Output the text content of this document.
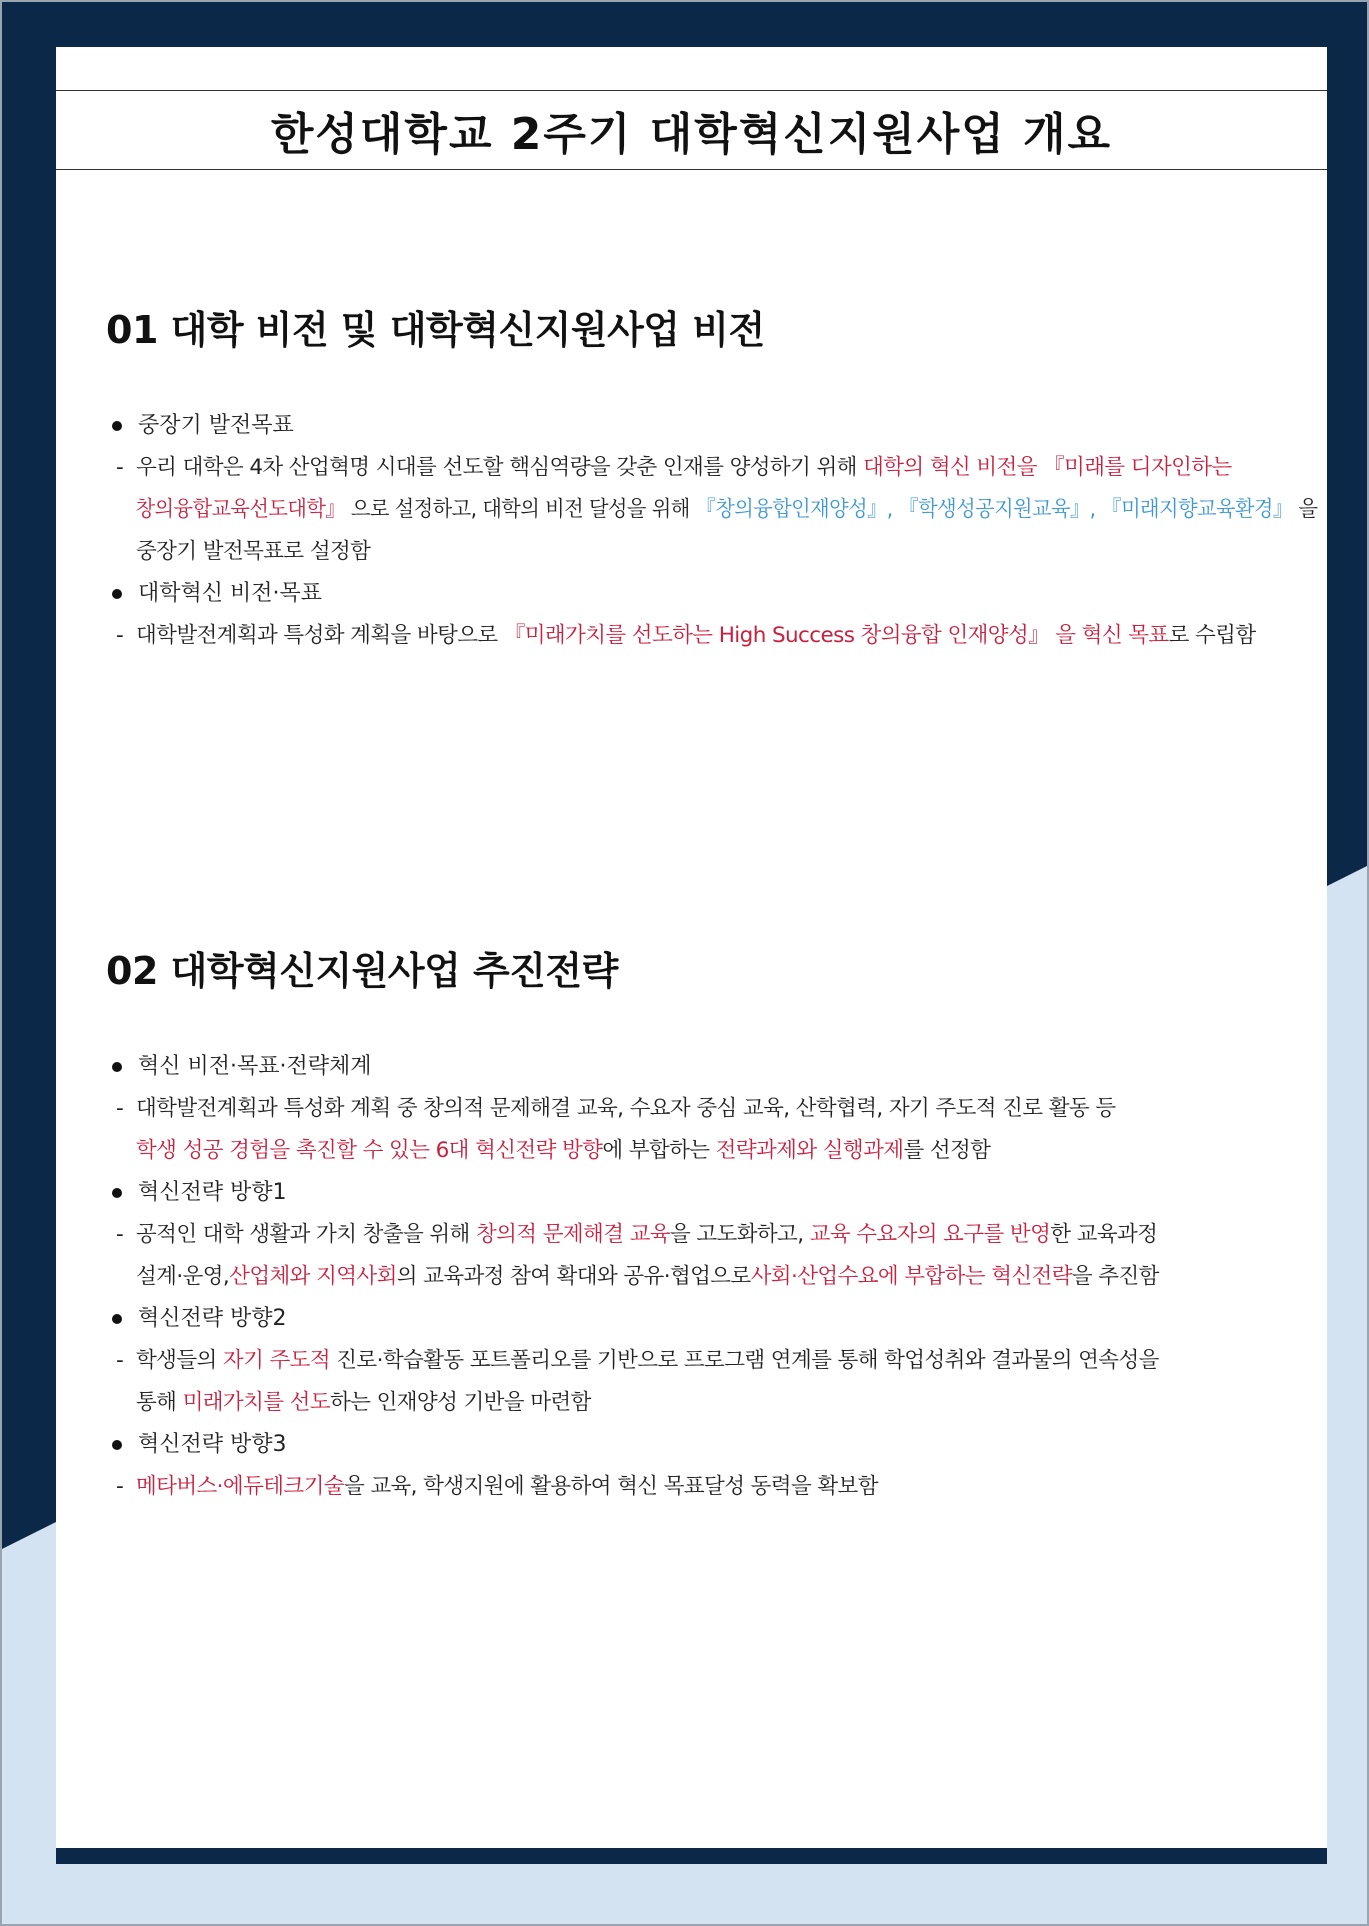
한성대학교 2주기 대학혁신지원사업 개요
01 대학 비전 및 대학혁신지원사업 비전
중장기 발전목표
- 우리 대학은 4차 산업혁명 시대를 선도할 핵심역량을 갖춘 인재를 양성하기 위해 대학의 혁신 비전을 『미래를 디자인하는
창의융합교육선도대학』 으로 설정하고, 대학의 비전 달성을 위해 『창의융합인재양성』, 『학생성공지원교육』, 『미래지향교육환경』 을
중장기 발전목표로 설정함
대학혁신 비전·목표
- 대학발전계획과 특성화 계획을 바탕으로 『미래가치를 선도하는 High Success 창의융합 인재양성』 을 혁신 목표로 수립함
02 대학혁신지원사업 추진전략
혁신 비전·목표·전략체계
- 대학발전계획과 특성화 계획 중 창의적 문제해결 교육, 수요자 중심 교육, 산학협력, 자기 주도적 진로 활동 등
학생 성공 경험을 촉진할 수 있는 6대 혁신전략 방향에 부합하는 전략과제와 실행과제를 선정함
혁신전략 방향1
- 공적인 대학 생활과 가치 창출을 위해 창의적 문제해결 교육을 고도화하고, 교육 수요자의 요구를 반영한 교육과정
설계·운영,산업체와 지역사회의 교육과정 참여 확대와 공유·협업으로사회·산업수요에 부합하는 혁신전략을 추진함
혁신전략 방향2
- 학생들의 자기 주도적 진로·학습활동 포트폴리오를 기반으로 프로그램 연계를 통해 학업성취와 결과물의 연속성을
통해 미래가치를 선도하는 인재양성 기반을 마련함
혁신전략 방향3
- 메타버스·에듀테크기술을 교육, 학생지원에 활용하여 혁신 목표달성 동력을 확보함
